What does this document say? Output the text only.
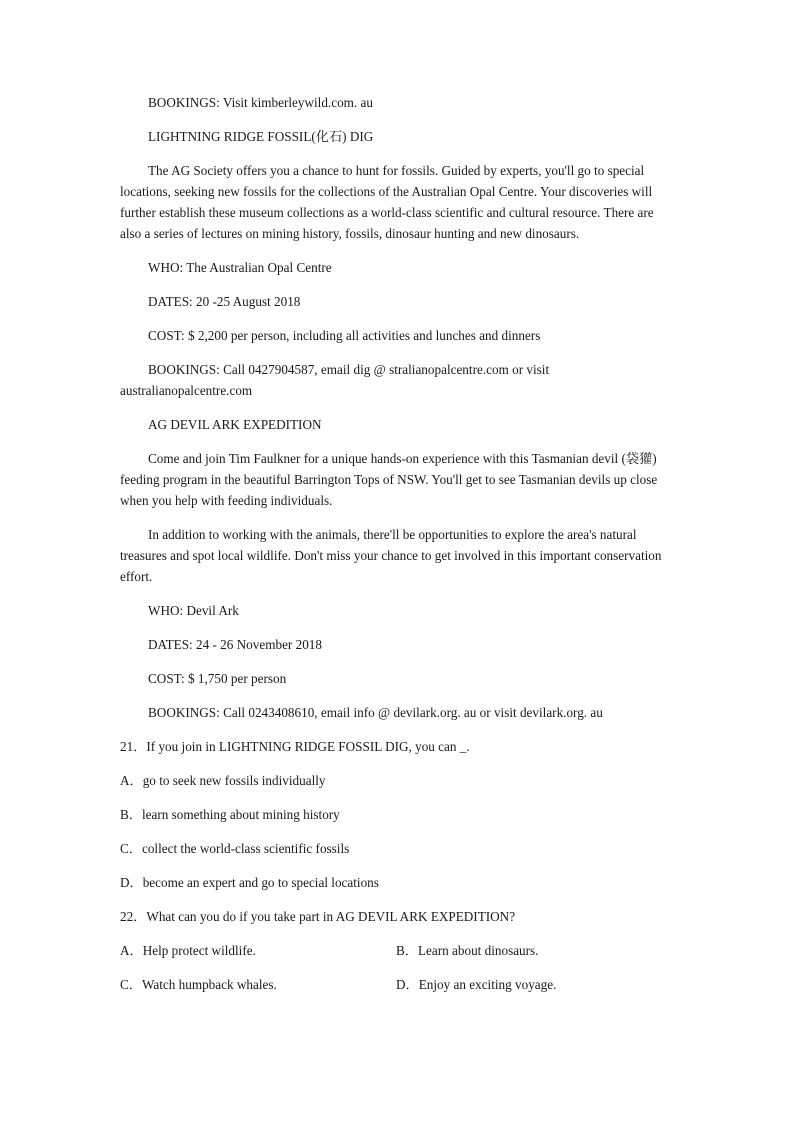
BOOKINGS: Visit kimberleywild.com. au

LIGHTNING RIDGE FOSSIL(化石) DIG

The AG Society offers you a chance to hunt for fossils. Guided by experts, you'll go to special locations, seeking new fossils for the collections of the Australian Opal Centre. Your discoveries will further establish these museum collections as a world-class scientific and cultural resource. There are also a series of lectures on mining history, fossils, dinosaur hunting and new dinosaurs.

WHO: The Australian Opal Centre

DATES: 20 -25 August 2018

COST: $ 2,200 per person, including all activities and lunches and dinners

BOOKINGS: Call 0427904587, email dig @ stralianopalcentre.com or visit australianopalcentre.com

AG DEVIL ARK EXPEDITION

Come and join Tim Faulkner for a unique hands-on experience with this Tasmanian devil (袋獾) feeding program in the beautiful Barrington Tops of NSW. You'll get to see Tasmanian devils up close when you help with feeding individuals.

In addition to working with the animals, there'll be opportunities to explore the area's natural treasures and spot local wildlife. Don't miss your chance to get involved in this important conservation effort.

WHO: Devil Ark

DATES: 24 - 26 November 2018

COST: $ 1,750 per person

BOOKINGS: Call 0243408610, email info @ devilark.org. au or visit devilark.org. au

21．If you join in LIGHTNING RIDGE FOSSIL DIG, you can _.

A．go to seek new fossils individually

B．learn something about mining history

C．collect the world-class scientific fossils

D．become an expert and go to special locations

22．What can you do if you take part in AG DEVIL ARK EXPEDITION?

A．Help protect wildlife.	B．Learn about dinosaurs.

C．Watch humpback whales.	D．Enjoy an exciting voyage.
